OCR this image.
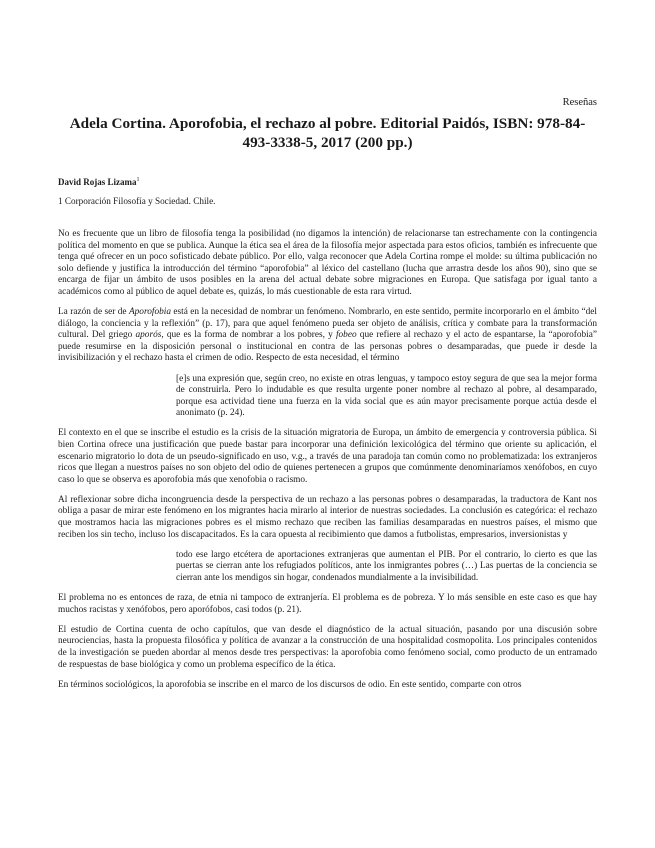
Reseñas
Adela Cortina. Aporofobia, el rechazo al pobre. Editorial Paidós, ISBN: 978-84-493-3338-5, 2017 (200 pp.)
David Rojas Lizama$^1$
1 Corporación Filosofía y Sociedad. Chile.

No es frecuente que un libro de filosofía tenga la posibilidad (no digamos la intención) de relacionarse tan estrechamente con la contingencia política del momento en que se publica. Aunque la ética sea el área de la filosofía mejor aspectada para estos oficios, también es infrecuente que tenga qué ofrecer en un poco sofisticado debate público. Por ello, valga reconocer que Adela Cortina rompe el molde: su última publicación no solo defiende y justifica la introducción del término “aporofobia” al léxico del castellano (lucha que arrastra desde los años 90), sino que se encarga de fijar un ámbito de usos posibles en la arena del actual debate sobre migraciones en Europa. Que satisfaga por igual tanto a académicos como al público de aquel debate es, quizás, lo más cuestionable de esta rara virtud.

La razón de ser de Aporofobia está en la necesidad de nombrar un fenómeno. Nombrarlo, en este sentido, permite incorporarlo en el ámbito “del diálogo, la conciencia y la reflexión” (p. 17), para que aquel fenómeno pueda ser objeto de análisis, crítica y combate para la transformación cultural. Del griego aporós, que es la forma de nombrar a los pobres, y fobeo que refiere al rechazo y el acto de espantarse, la “aporofobia” puede resumirse en la disposición personal o institucional en contra de las personas pobres o desamparadas, que puede ir desde la invisibilización y el rechazo hasta el crimen de odio. Respecto de esta necesidad, el término

[e]s una expresión que, según creo, no existe en otras lenguas, y tampoco estoy segura de que sea la mejor forma de construirla. Pero lo indudable es que resulta urgente poner nombre al rechazo al pobre, al desamparado, porque esa actividad tiene una fuerza en la vida social que es aún mayor precisamente porque actúa desde el anonimato (p. 24).

El contexto en el que se inscribe el estudio es la crisis de la situación migratoria de Europa, un ámbito de emergencia y controversia pública. Si bien Cortina ofrece una justificación que puede bastar para incorporar una definición lexicológica del término que oriente su aplicación, el escenario migratorio lo dota de un pseudo-significado en uso, v.g., a través de una paradoja tan común como no problematizada: los extranjeros ricos que llegan a nuestros países no son objeto del odio de quienes pertenecen a grupos que comúnmente denominaríamos xenófobos, en cuyo caso lo que se observa es aporofobia más que xenofobia o racismo.

Al reflexionar sobre dicha incongruencia desde la perspectiva de un rechazo a las personas pobres o desamparadas, la traductora de Kant nos obliga a pasar de mirar este fenómeno en los migrantes hacia mirarlo al interior de nuestras sociedades. La conclusión es categórica: el rechazo que mostramos hacia las migraciones pobres es el mismo rechazo que reciben las familias desamparadas en nuestros países, el mismo que reciben los sin techo, incluso los discapacitados. Es la cara opuesta al recibimiento que damos a futbolistas, empresarios, inversionistas y

todo ese largo etcétera de aportaciones extranjeras que aumentan el PIB. Por el contrario, lo cierto es que las puertas se cierran ante los refugiados políticos, ante los inmigrantes pobres (…) Las puertas de la conciencia se cierran ante los mendigos sin hogar, condenados mundialmente a la invisibilidad.

El problema no es entonces de raza, de etnia ni tampoco de extranjería. El problema es de pobreza. Y lo más sensible en este caso es que hay muchos racistas y xenófobos, pero aporófobos, casi todos (p. 21).

El estudio de Cortina cuenta de ocho capítulos, que van desde el diagnóstico de la actual situación, pasando por una discusión sobre neurociencias, hasta la propuesta filosófica y política de avanzar a la construcción de una hospitalidad cosmopolita. Los principales contenidos de la investigación se pueden abordar al menos desde tres perspectivas: la aporofobia como fenómeno social, como producto de un entramado de respuestas de base biológica y como un problema específico de la ética.

En términos sociológicos, la aporofobia se inscribe en el marco de los discursos de odio. En este sentido, comparte con otros
